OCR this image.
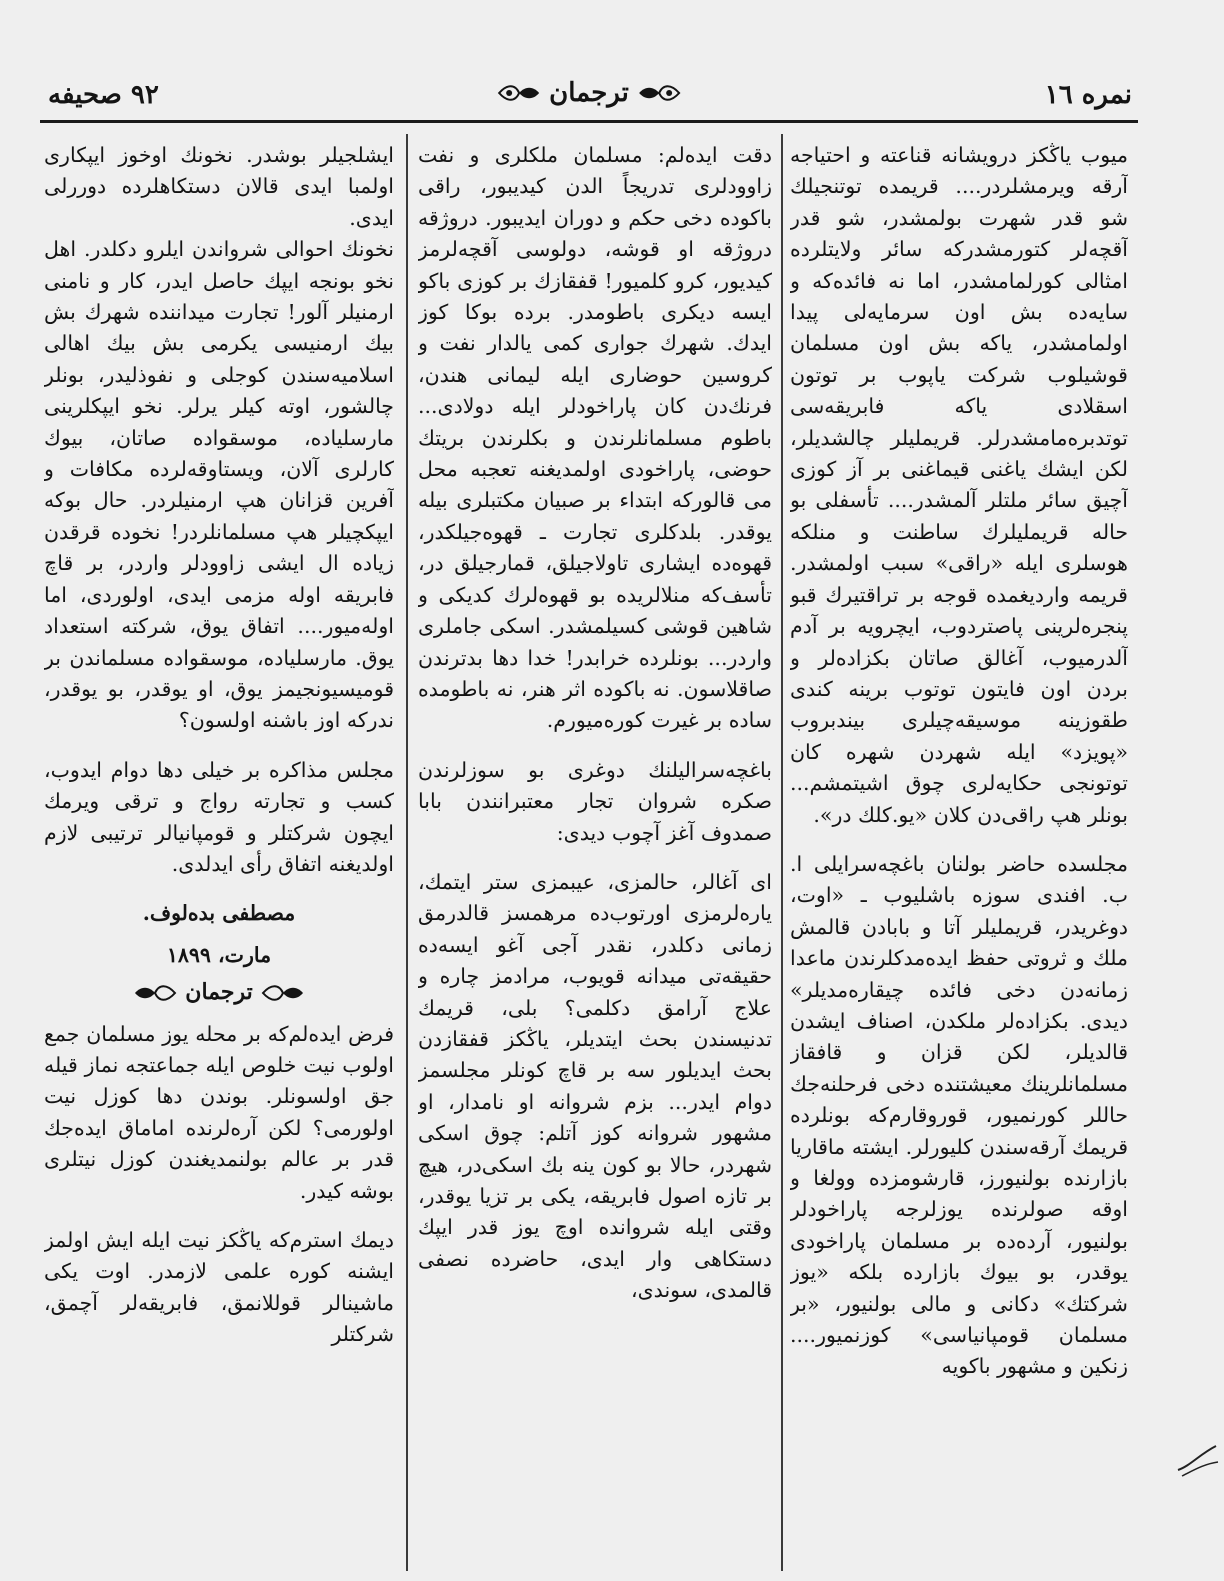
۹۲ صحيفه	ترجمان	نمره ١٦

ميوب ياڭكز درويشانه قناعته و احتياجه آرقه ويرمشلردر.... قريمده توتنجيلك شو قدر شهرت بولمشدر، شو قدر آقچه‌لر كتورمشدركه سائر ولايتلرده امثالى كورلمامشدر، اما نه فائده‌كه و سايه‌ده بش اون سرمايه‌لى پيدا اولمامشدر، ياكه بش اون مسلمان قوشيلوب شركت ياپوب بر توتون اسقلادى ياكه فابريقه‌سى توتدبره‌مامشدرلر. قريمليلر چالشديلر، لكن ايشك ياغنى قيماغنى بر آز كوزى آچيق سائر ملتلر آلمشدر.... تأسفلى بو حاله قريمليلرك ساطنت و منلكه هوسلرى ايله «راقى» سبب اولمشدر. قريمه واردیغمده قوجه بر تراقتيرك قبو پنجره‌لرينى پاصتردوب، ايچرويه بر آدم آلدرميوب، آغالق صاتان بكزاده‌لر و بردن اون فايتون توتوب برينه كندى طقوزينه موسيقه‌چيلرى بيندبروب «پويزد» ايله شهردن شهره كان توتونجى حكايه‌لرى چوق اشيتمشم... بونلر هپ راقى‌دن كلان «يو.كلك در».

مجلسده حاضر بولنان باغچه‌سرايلى ا. ب. افندى سوزه باشليوب ـ «اوت، دوغريدر، قريمليلر آتا و بابادن قالمش ملك و ثروتى حفظ ايده‌مدكلرندن ماعدا زمانه‌دن دخى فائده چيقاره‌مديلر» ديدى. بكزاده‌لر ملكدن، اصناف ايشدن قالديلر، لكن قزان و قافقاز مسلمانلرينك معيشتنده دخى فرحلنه‌جك حاللر كورنميور، قوروقارم‌كه بونلرده قريمك آرقه‌سندن كليورلر. ايشته ماقاريا بازارنده بولنيورز، قارشومزده وولغا و اوقه صولرنده يوزلرجه پاراخودلر بولنيور، آرده‌ده بر مسلمان پاراخودى يوقدر، بو بيوك بازارده بلكه «يوز شركتك» دكانى و مالى بولنيور، «بر مسلمان قومپانياسى» كوزنميور.... زنكين و مشهور باكويه

دقت ايده‌لم: مسلمان ملكلرى و نفت زاوودلرى تدريجاً الدن كيديبور، راقى باكوده دخى حكم و دوران ايديبور. دروژقه دروژقه او قوشه، دولوسى آقچه‌لرمز كيديور، كرو كلميور! قفقازك بر كوزى باكو ايسه ديكرى باطومدر. برده بوكا كوز ايدك. شهرك جوارى كمى يالدار نفت و كروسين حوضارى ايله ليمانى هندن، فرنك‌دن كان پاراخودلر ايله دولادى... باطوم مسلمانلرندن و بكلرندن بريتك حوضى، پاراخودى اولمديغنه تعجبه محل مى قالوركه ابتداء بر صبيان مكتبلرى بيله يوقدر. بلدكلرى تجارت ـ قهوه‌جيلكدر، قهوه‌ده ايشارى تاولاجيلق، قمارجيلق در، تأسف‌كه منلالريده بو قهوه‌لرك كديكى و شاهين قوشى كسيلمشدر. اسكى جاملرى واردر... بونلرده خرابدر! خدا دها بدترندن صاقلاسون. نه باكوده اثر هنر، نه باطومده ساده بر غيرت كوره‌ميورم.

باغچه‌سراليلنك دوغرى بو سوزلرندن صكره شروان تجار معتبرانندن بابا صمدوف آغز آچوب ديدى:

اى آغالر، حالمزى، عيبمزى ستر ايتمك، ياره‌لرمزى اورتوب‌ده مرهمسز قالدرمق زمانى دكلدر، نقدر آجى آغو ايسه‌ده حقيقه‌تى ميدانه قويوب، مرادمز چاره و علاج آرامق دكلمى؟ بلى، قريمك تدنيسندن بحث ايتديلر، ياڭكز قفقازدن بحث ايديلور سه بر قاچ كونلر مجلسمز دوام ايدر... بزم شروانه او نامدار، او مشهور شروانه كوز آتلم: چوق اسكى شهردر، حالا بو كون ينه بك اسكى‌در، هيچ بر تازه اصول فابريقه، يكى بر تزيا يوقدر، وقتى ايله شروانده اوچ يوز قدر ايپك دستكاهى وار ايدى، حاضرده نصفى قالمدى، سوندى،

ايشلجيلر بوشدر. نخونك اوخوز ايپكارى اولمبا ايدى قالان دستكاهلرده دوررلى ايدى.

نخونك احوالى شرواندن ايلرو دكلدر. اهل نخو بونجه ايپك حاصل ايدر، كار و نامنى ارمنيلر آلور! تجارت ميداننده شهرك بش بيك ارمنيسى يكرمى بش بيك اهالى اسلاميه‌سندن كوجلى و نفوذليدر، بونلر چالشور، اوته كيلر يرلر. نخو ايپكلرينى مارسلياده، موسقواده صاتان، بيوك كارلرى آلان، ويستاوقه‌لرده مكافات و آفرين قزانان هپ ارمنيلردر. حال بوكه ايپكچيلر هپ مسلمانلردر! نخوده قرقدن زياده ال ايشى زاوودلر واردر، بر قاچ فابريقه اوله مزمى ايدى، اولوردى، اما اوله‌ميور.... اتفاق يوق، شركته استعداد يوق. مارسلياده، موسقواده مسلماندن بر قوميسيونجيمز يوق، او يوقدر، بو يوقدر، ندركه اوز باشنه اولسون؟

مجلس مذاكره بر خيلى دها دوام ايدوب، كسب و تجارته رواج و ترقى ويرمك ايچون شركتلر و قومپانيالر ترتيبى لازم اولديغنه اتفاق رأى ايدلدى.

مصطفى بده‌لوف.

مارت، ١٨٩٩

ترجمان

فرض ايده‌لم‌كه بر محله يوز مسلمان جمع اولوب نيت خلوص ايله جماعتجه نماز قيله جق اولسونلر. بوندن دها كوزل نيت اولورمى؟ لكن آره‌لرنده اماماق ايده‌جك قدر بر عالم بولنمديغندن كوزل نيتلرى بوشه كيدر.

ديمك استرم‌كه ياڭكز نيت ايله ايش اولمز ايشنه كوره علمى لازمدر. اوت يكى ماشينالر قوللانمق، فابريقه‌لر آچمق، شركتلر
